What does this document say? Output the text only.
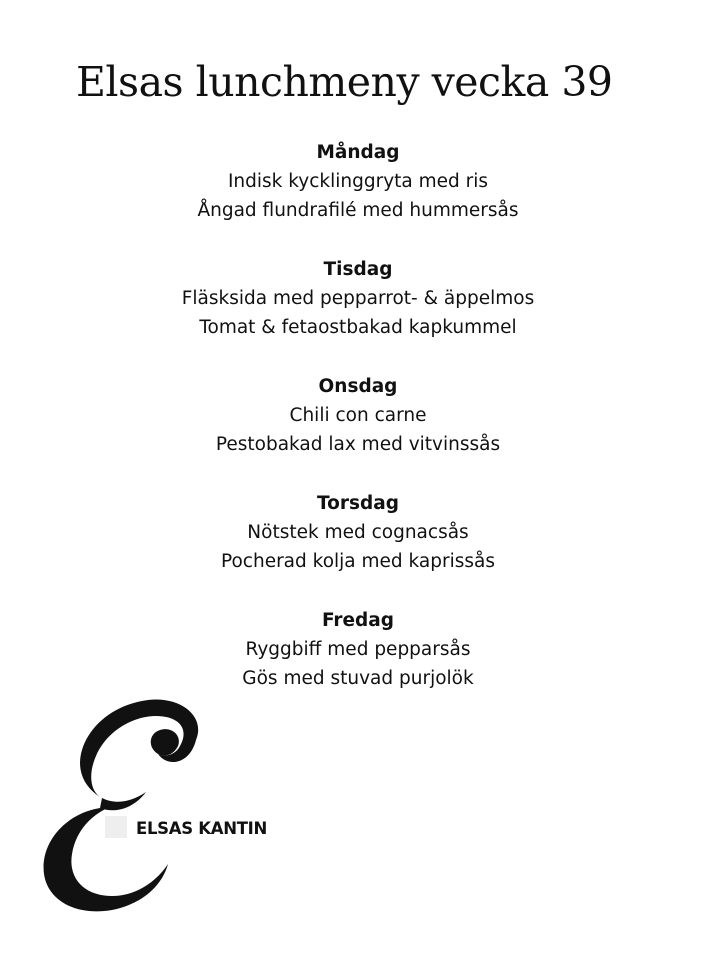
Elsas lunchmeny vecka 39
Måndag
Indisk kycklinggryta med ris
Ångad flundrafilé med hummersås
Tisdag
Fläsksida med pepparrot- & äppelmos
Tomat & fetaostbakad kapkummel
Onsdag
Chili con carne
Pestobakad lax med vitvinssås
Torsdag
Nötstek med cognacsås
Pocherad kolja med kaprissås
Fredag
Ryggbiff med pepparsås
Gös med stuvad purjolök
ELSAS KANTIN
